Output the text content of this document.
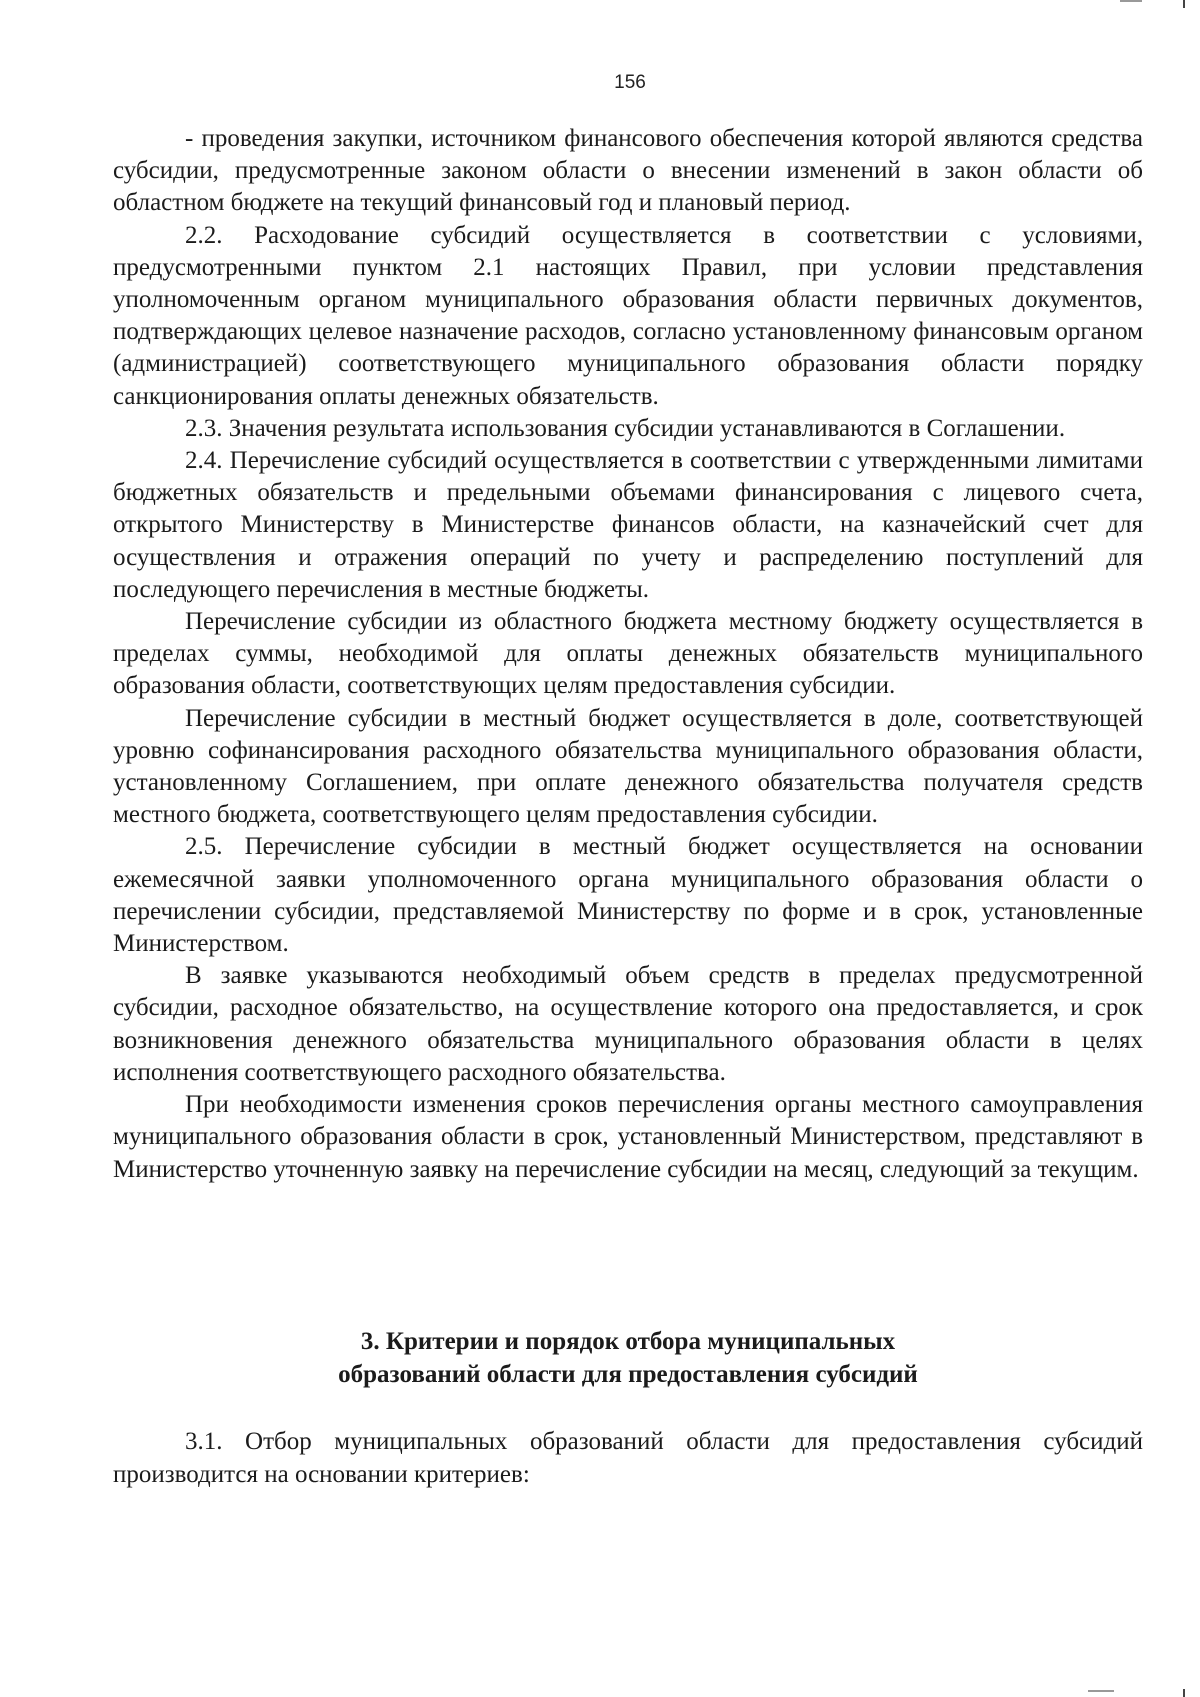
156

- проведения закупки, источником финансового обеспечения которой являются средства субсидии, предусмотренные законом области о внесении изменений в закон области об областном бюджете на текущий финансовый год и плановый период.

2.2. Расходование субсидий осуществляется в соответствии с условиями, предусмотренными пунктом 2.1 настоящих Правил, при условии представления уполномоченным органом муниципального образования области первичных документов, подтверждающих целевое назначение расходов, согласно установленному финансовым органом (администрацией) соответствующего муниципального образования области порядку санкционирования оплаты денежных обязательств.

2.3. Значения результата использования субсидии устанавливаются в Соглашении.

2.4. Перечисление субсидий осуществляется в соответствии с утвержденными лимитами бюджетных обязательств и предельными объемами финансирования с лицевого счета, открытого Министерству в Министерстве финансов области, на казначейский счет для осуществления и отражения операций по учету и распределению поступлений для последующего перечисления в местные бюджеты.

Перечисление субсидии из областного бюджета местному бюджету осуществляется в пределах суммы, необходимой для оплаты денежных обязательств муниципального образования области, соответствующих целям предоставления субсидии.

Перечисление субсидии в местный бюджет осуществляется в доле, соответствующей уровню софинансирования расходного обязательства муниципального образования области, установленному Соглашением, при оплате денежного обязательства получателя средств местного бюджета, соответствующего целям предоставления субсидии.

2.5. Перечисление субсидии в местный бюджет осуществляется на основании ежемесячной заявки уполномоченного органа муниципального образования области о перечислении субсидии, представляемой Министерству по форме и в срок, установленные Министерством.

В заявке указываются необходимый объем средств в пределах предусмотренной субсидии, расходное обязательство, на осуществление которого она предоставляется, и срок возникновения денежного обязательства муниципального образования области в целях исполнения соответствующего расходного обязательства.

При необходимости изменения сроков перечисления органы местного самоуправления муниципального образования области в срок, установленный Министерством, представляют в Министерство уточненную заявку на перечисление субсидии на месяц, следующий за текущим.

3. Критерии и порядок отбора муниципальных
образований области для предоставления субсидий

3.1. Отбор муниципальных образований области для предоставления субсидий производится на основании критериев:
